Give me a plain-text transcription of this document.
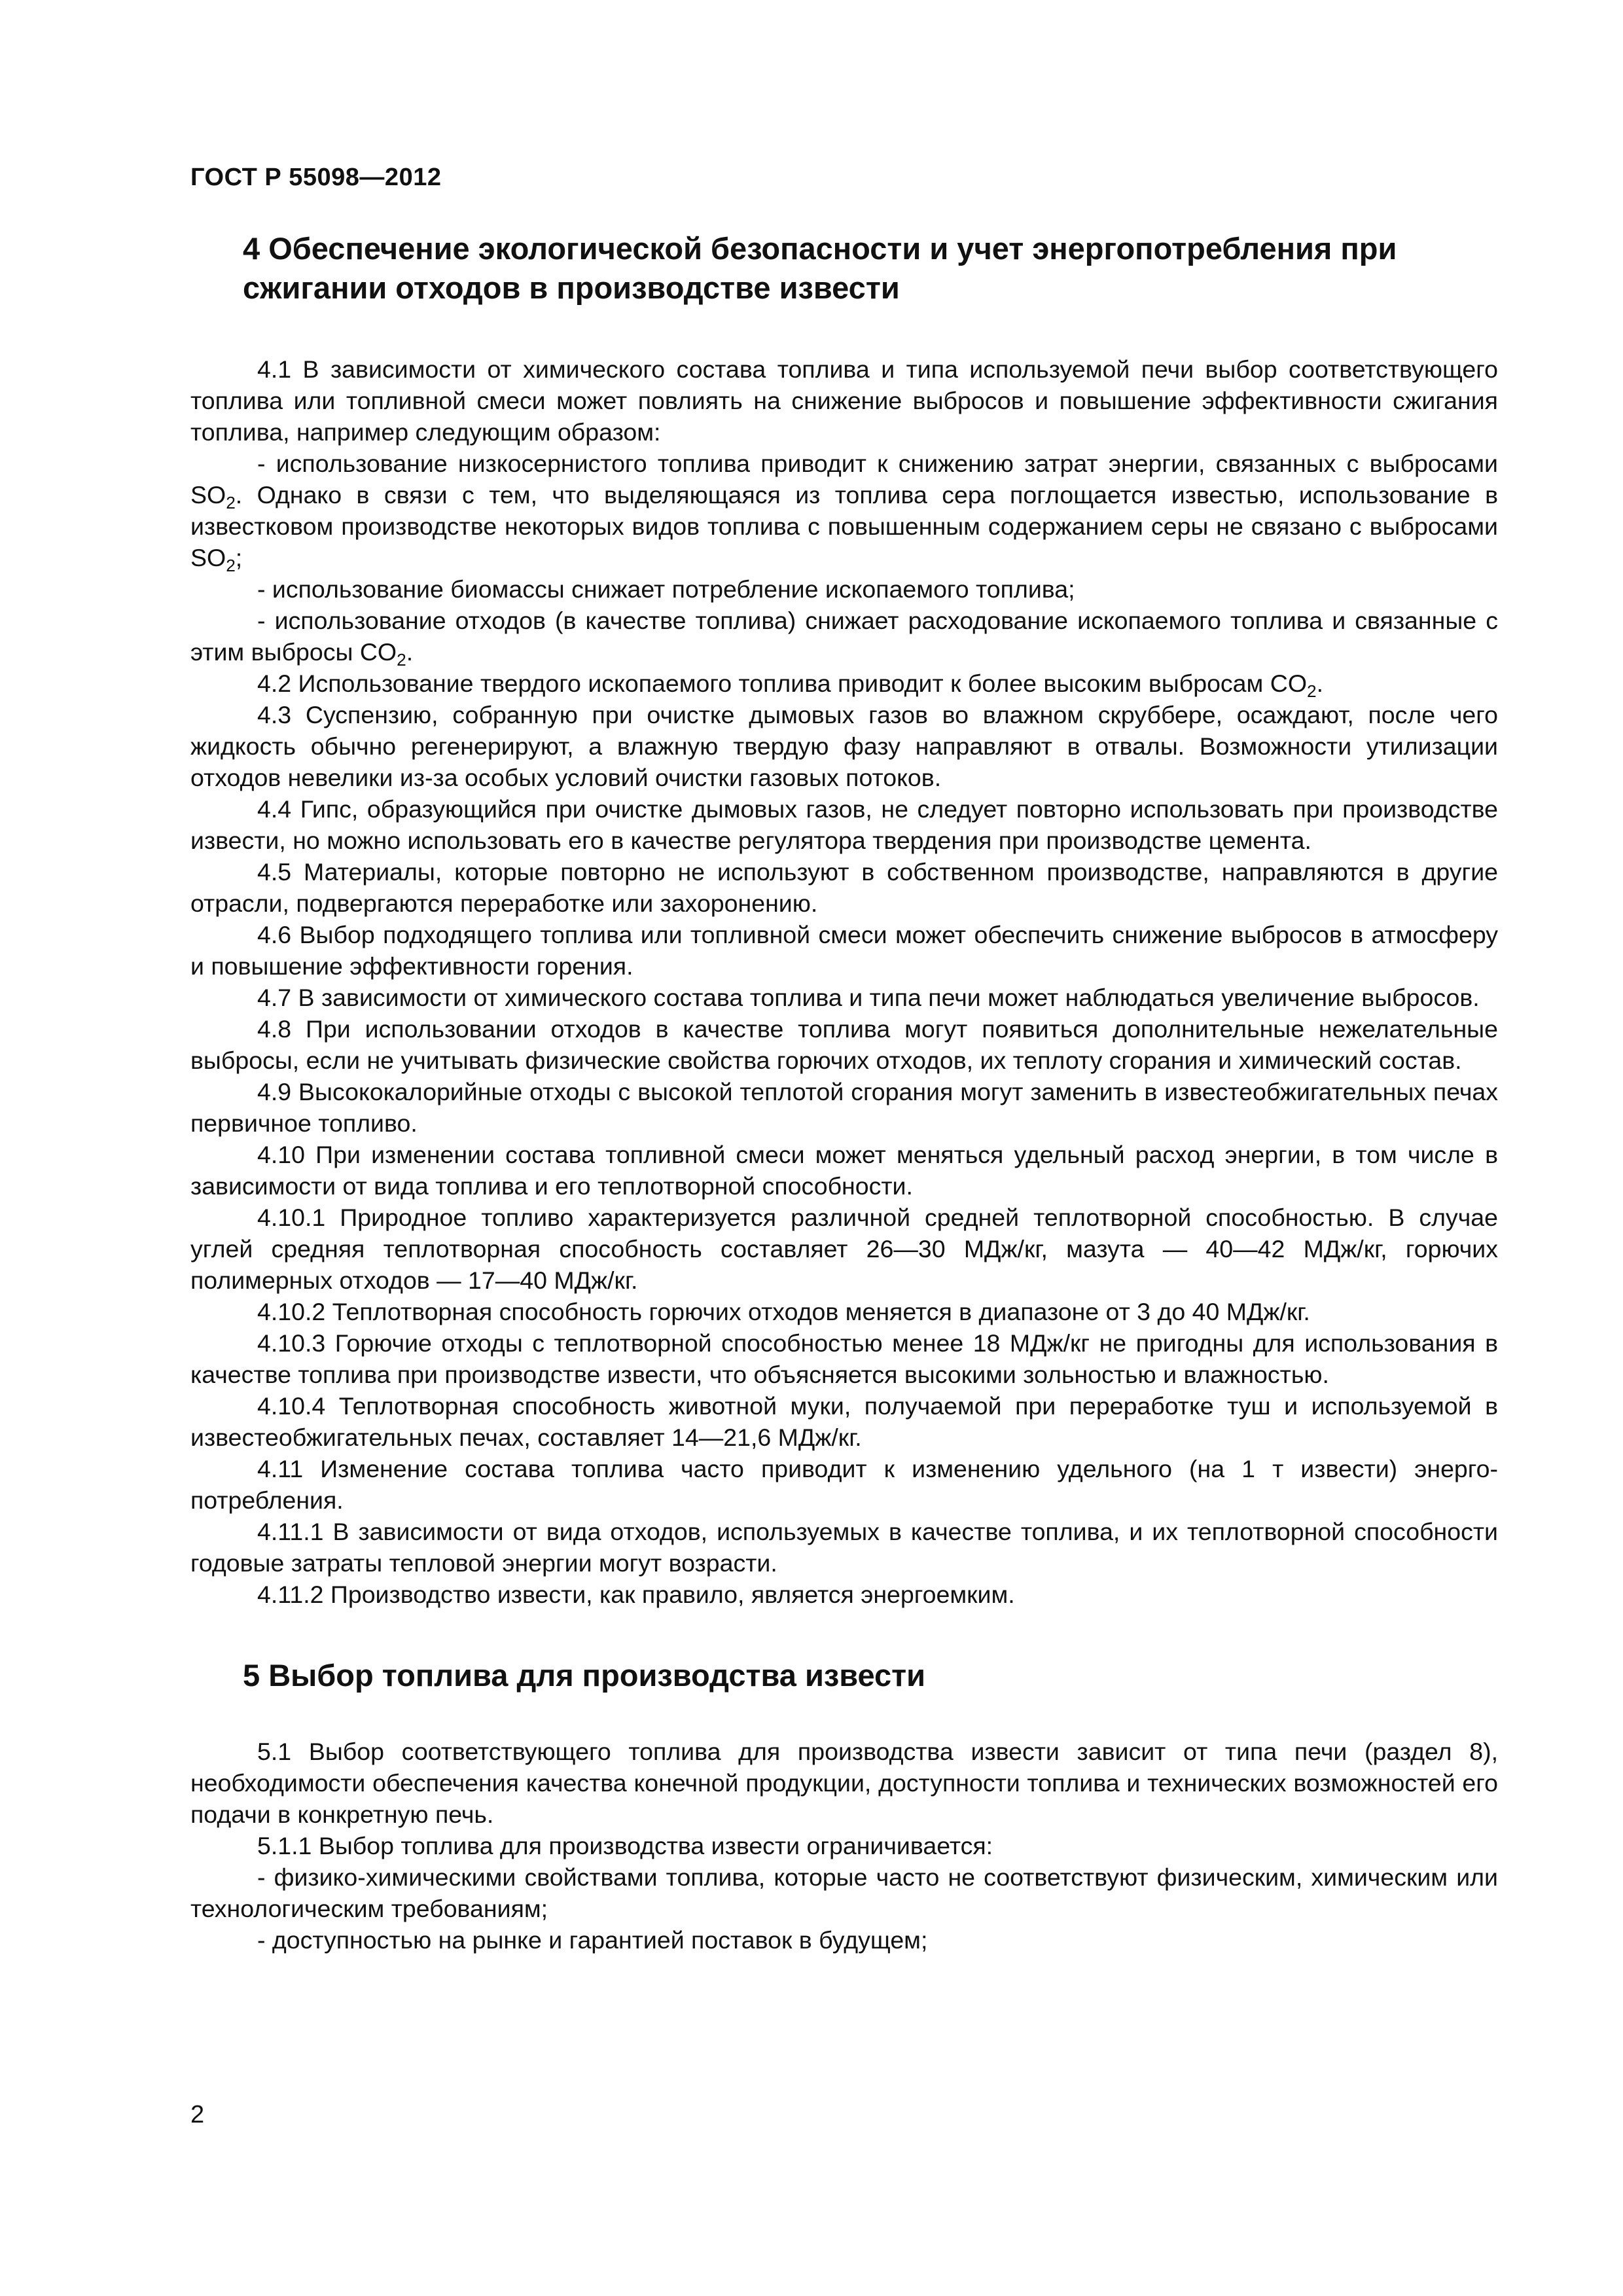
ГОСТ Р 55098—2012
4 Обеспечение экологической безопасности и учет энергопотребления при сжигании отходов в производстве извести

4.1 В зависимости от химического состава топлива и типа используемой печи выбор соответствующего топлива или топливной смеси может повлиять на снижение выбросов и повышение эффективности сжигания топлива, например следующим образом:

- использование низкосернистого топлива приводит к снижению затрат энергии, связанных с выбросами $SO_2$. Однако в связи с тем, что выделяющаяся из топлива сера поглощается известью, использование в известковом производстве некоторых видов топлива с повышенным содержанием серы не связано с выбросами $SO_2$;

- использование биомассы снижает потребление ископаемого топлива;

- использование отходов (в качестве топлива) снижает расходование ископаемого топлива и связанные с этим выбросы $CO_2$.

4.2 Использование твердого ископаемого топлива приводит к более высоким выбросам $CO_2$.

4.3 Суспензию, собранную при очистке дымовых газов во влажном скруббере, осаждают, после чего жидкость обычно регенерируют, а влажную твердую фазу направляют в отвалы. Возможности утилизации отходов невелики из-за особых условий очистки газовых потоков.

4.4 Гипс, образующийся при очистке дымовых газов, не следует повторно использовать при производстве извести, но можно использовать его в качестве регулятора твердения при производстве цемента.

4.5 Материалы, которые повторно не используют в собственном производстве, направляются в другие отрасли, подвергаются переработке или захоронению.

4.6 Выбор подходящего топлива или топливной смеси может обеспечить снижение выбросов в атмосферу и повышение эффективности горения.

4.7 В зависимости от химического состава топлива и типа печи может наблюдаться увеличение выбросов.

4.8 При использовании отходов в качестве топлива могут появиться дополнительные нежелательные выбросы, если не учитывать физические свойства горючих отходов, их теплоту сгорания и химический состав.

4.9 Высококалорийные отходы с высокой теплотой сгорания могут заменить в известеобжигательных печах первичное топливо.

4.10 При изменении состава топливной смеси может меняться удельный расход энергии, в том числе в зависимости от вида топлива и его теплотворной способности.

4.10.1 Природное топливо характеризуется различной средней теплотворной способностью. В случае углей средняя теплотворная способность составляет 26—30 МДж/кг, мазута — 40—42 МДж/кг, горючих полимерных отходов — 17—40 МДж/кг.

4.10.2 Теплотворная способность горючих отходов меняется в диапазоне от 3 до 40 МДж/кг.

4.10.3 Горючие отходы с теплотворной способностью менее 18 МДж/кг не пригодны для использования в качестве топлива при производстве извести, что объясняется высокими зольностью и влажностью.

4.10.4 Теплотворная способность животной муки, получаемой при переработке туш и используемой в известеобжигательных печах, составляет 14—21,6 МДж/кг.

4.11 Изменение состава топлива часто приводит к изменению удельного (на 1 т извести) энергопотребления.

4.11.1 В зависимости от вида отходов, используемых в качестве топлива, и их теплотворной способности годовые затраты тепловой энергии могут возрасти.

4.11.2 Производство извести, как правило, является энергоемким.

5 Выбор топлива для производства извести

5.1 Выбор соответствующего топлива для производства извести зависит от типа печи (раздел 8), необходимости обеспечения качества конечной продукции, доступности топлива и технических возможностей его подачи в конкретную печь.

5.1.1 Выбор топлива для производства извести ограничивается:

- физико-химическими свойствами топлива, которые часто не соответствуют физическим, химическим или технологическим требованиям;

- доступностью на рынке и гарантией поставок в будущем;

2
